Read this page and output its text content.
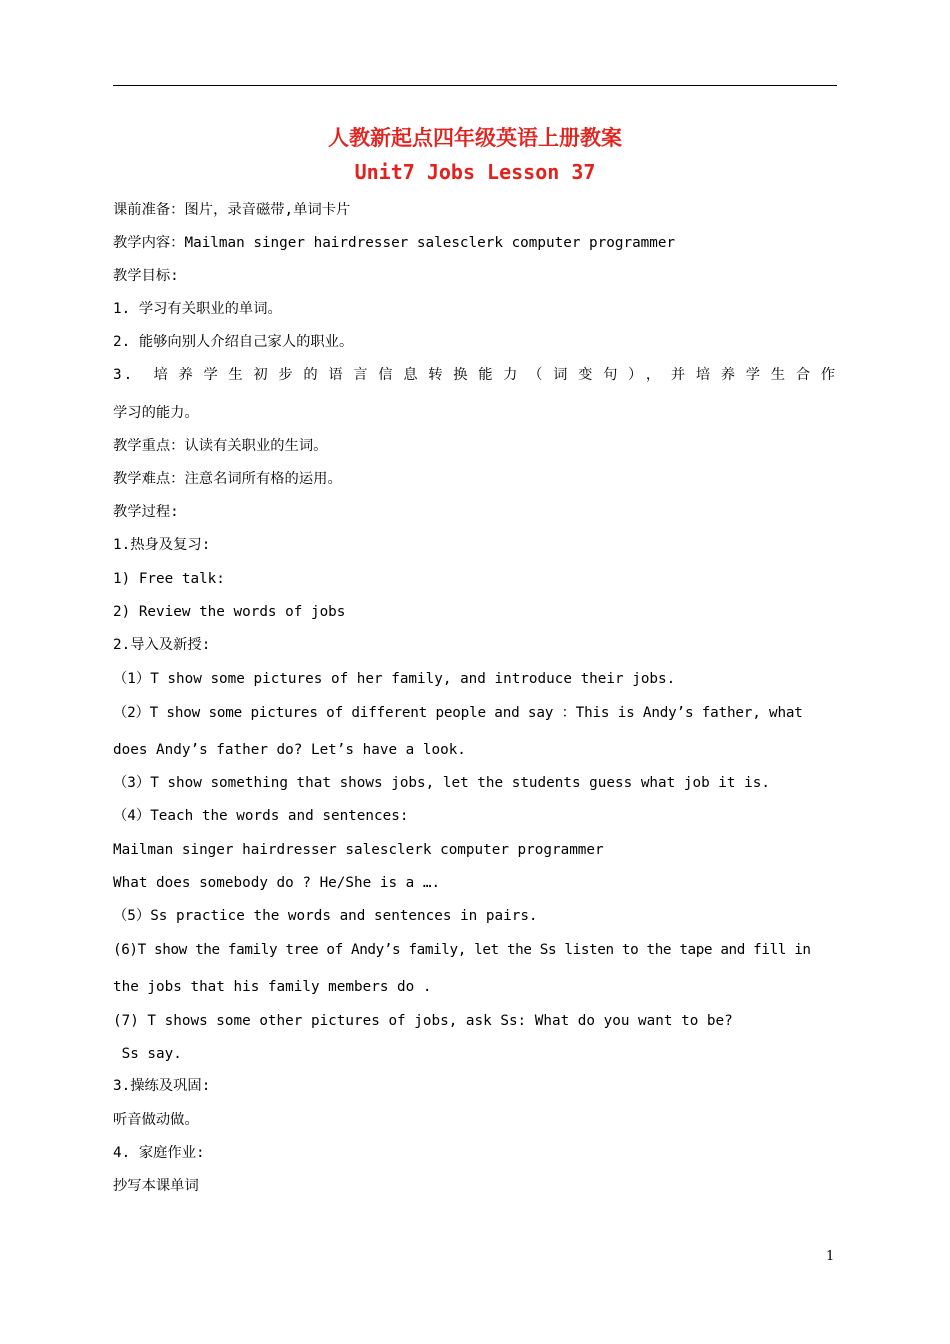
人教新起点四年级英语上册教案
Unit7 Jobs Lesson 37
课前准备：图片，录音磁带,单词卡片
教学内容：Mailman singer hairdresser salesclerk computer programmer
教学目标:
1. 学习有关职业的单词。
2. 能够向别人介绍自己家人的职业。
3. 培养学生初步的语言信息转换能力（词变句），并培养学生合作
学习的能力。
教学重点：认读有关职业的生词。
教学难点：注意名词所有格的运用。
教学过程:
1.热身及复习:
1) Free talk:
2) Review the words of jobs
2.导入及新授:
（1）T show some pictures of her family, and introduce their jobs.
（2）T show some pictures of different people and say ：This is Andy’s father, what
does Andy’s father do? Let’s have a look.
（3）T show something that shows jobs, let the students guess what job it is.
（4）Teach the words and sentences:
Mailman singer hairdresser salesclerk computer programmer
What does somebody do ? He/She is a ….
（5）Ss practice the words and sentences in pairs.
(6)T show the family tree of Andy’s family, let the Ss listen to the tape and fill in
the jobs that his family members do .
(7) T shows some other pictures of jobs, ask Ss: What do you want to be?
Ss say.
3.操练及巩固:
听音做动做。
4. 家庭作业:
抄写本课单词
1
